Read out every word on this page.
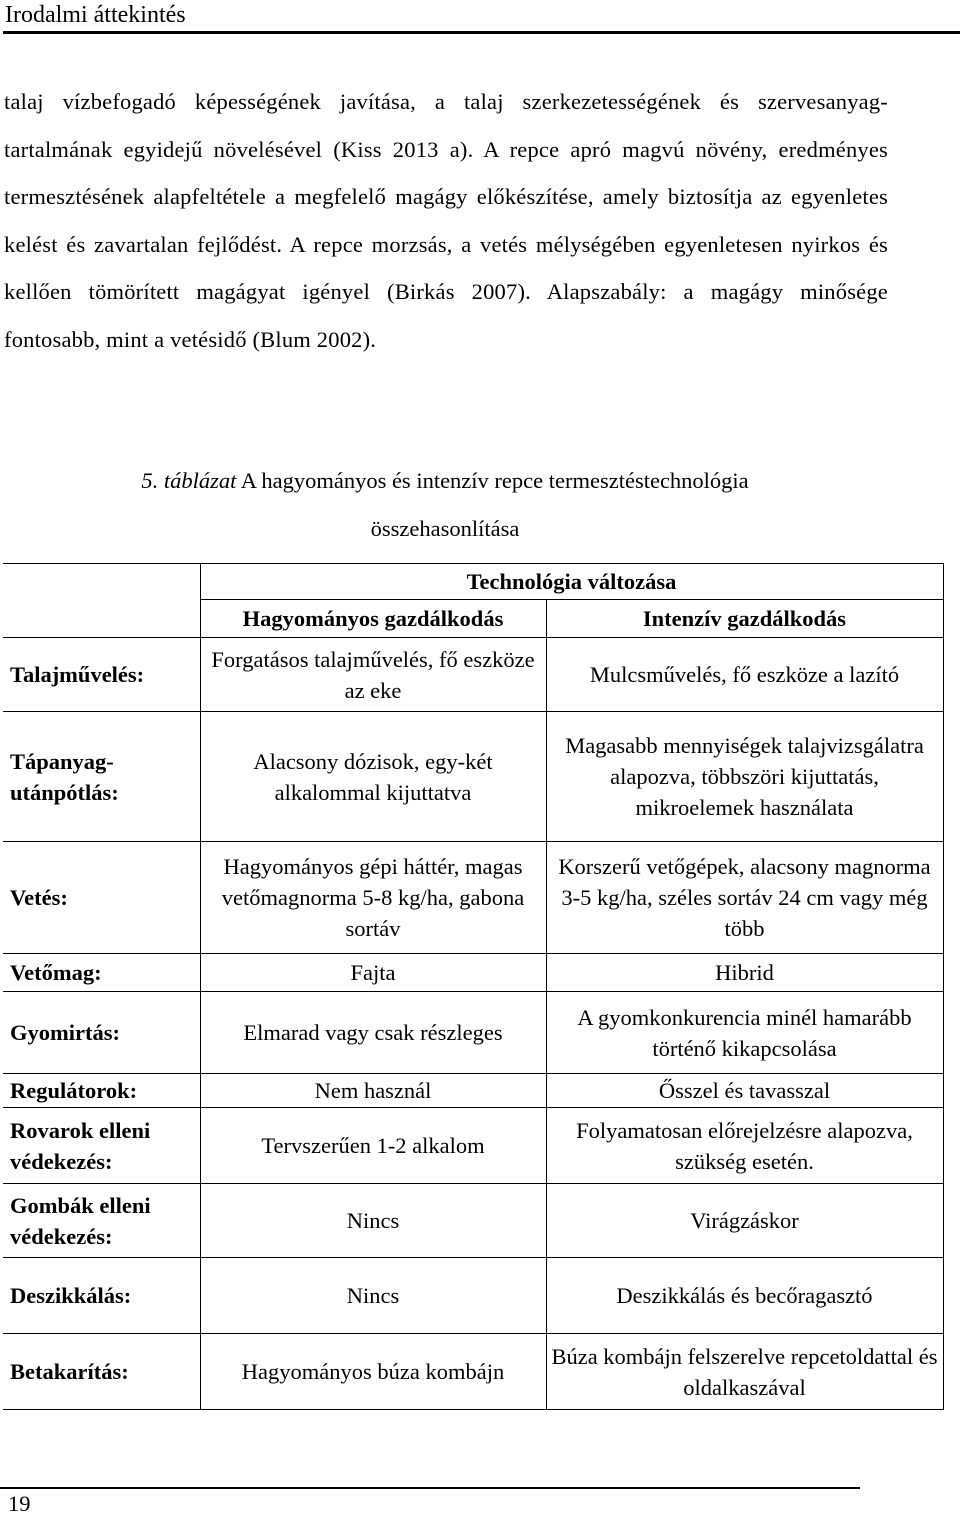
Irodalmi áttekintés

talaj vízbefogadó képességének javítása, a talaj szerkezetességének és szervesanyag-tartalmának egyidejű növelésével (Kiss 2013 a). A repce apró magvú növény, eredményes termesztésének alapfeltétele a megfelelő magágy előkészítése, amely biztosítja az egyenletes kelést és zavartalan fejlődést. A repce morzsás, a vetés mélységében egyenletesen nyirkos és kellően tömörített magágyat igényel (Birkás 2007). Alapszabály: a magágy minősége fontosabb, mint a vetésidő (Blum 2002).

5. táblázat A hagyományos és intenzív repce termesztéstechnológia
összehasonlítása
	Technológia változása	
	Hagyományos gazdálkodás	Intenzív gazdálkodás
Talajművelés:	Forgatásos talajművelés, fő eszköze az eke	Mulcsművelés, fő eszköze a lazító
Tápanyag-utánpótlás:	Alacsony dózisok, egy-két alkalommal kijuttatva	Magasabb mennyiségek talajvizsgálatra alapozva, többszöri kijuttatás, mikroelemek használata
Vetés:	Hagyományos gépi háttér, magas vetőmagnorma 5-8 kg/ha, gabona sortáv	Korszerű vetőgépek, alacsony magnorma 3-5 kg/ha, széles sortáv 24 cm vagy még több
Vetőmag:	Fajta	Hibrid
Gyomirtás:	Elmarad vagy csak részleges	A gyomkonkurencia minél hamarább történő kikapcsolása
Regulátorok:	Nem használ	Ősszel és tavasszal
Rovarok elleni védekezés:	Tervszerűen 1-2 alkalom	Folyamatosan előrejelzésre alapozva, szükség esetén.
Gombák elleni védekezés:	Nincs	Virágzáskor
Deszikkálás:	Nincs	Deszikkálás és becőragasztó
Betakarítás:	Hagyományos búza kombájn	Búza kombájn felszerelve repcetoldattal és oldalkaszával
19
